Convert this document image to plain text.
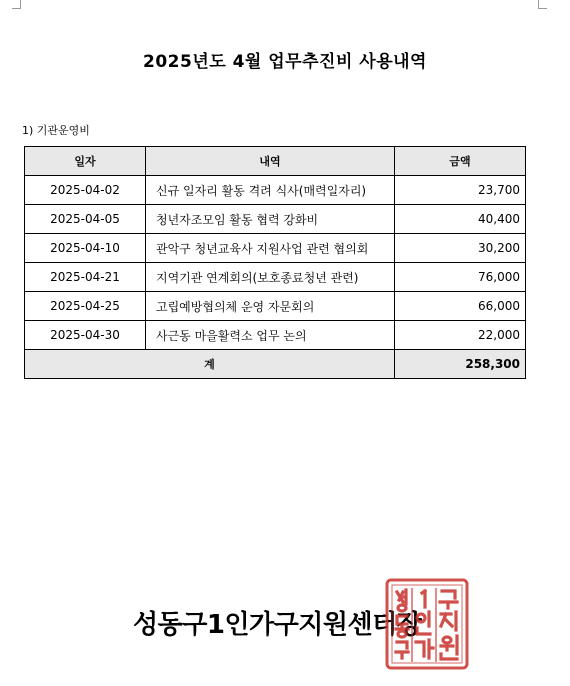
2025년도 4월 업무추진비 사용내역
1) 기관운영비
일자	내역	금액
2025-04-02	신규 일자리 활동 격려 식사(매력일자리)	23,700
2025-04-05	청년자조모임 활동 협력 강화비	40,400
2025-04-10	관악구 청년교육사 지원사업 관련 협의회	30,200
2025-04-21	지역기관 연계회의(보호종료청년 관련)	76,000
2025-04-25	고립예방협의체 운영 자문회의	66,000
2025-04-30	사근동 마을활력소 업무 논의	22,000
계		258,300
성동구1인가구지원센터장
